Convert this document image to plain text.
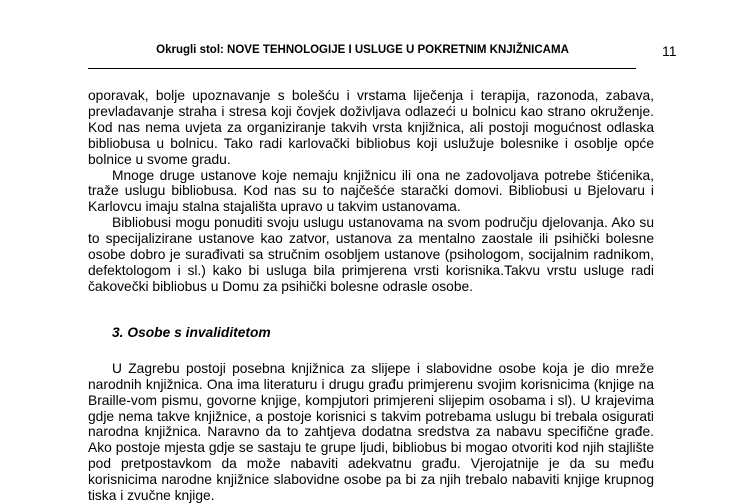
Okrugli stol: NOVE TEHNOLOGIJE I USLUGE U POKRETNIM KNJIŽNICAMA	11

oporavak, bolje upoznavanje s bolešću i vrstama liječenja i terapija, razonoda, zabava, prevladavanje straha i stresa koji čovjek doživljava odlazeći u bolnicu kao strano okruženje. Kod nas nema uvjeta za organiziranje takvih vrsta knjižnica, ali postoji mogućnost odlaska bibliobusa u bolnicu. Tako radi karlovački bibliobus koji uslužuje bolesnike i osoblje opće bolnice u svome gradu.

Mnoge druge ustanove koje nemaju knjižnicu ili ona ne zadovoljava potrebe štićenika, traže uslugu bibliobusa. Kod nas su to najčešće staračkі domovi. Bibliobusi u Bjelovaru i Karlovcu imaju stalna stajališta upravo u takvim ustanovama.

Bibliobusi mogu ponuditi svoju uslugu ustanovama na svom području djelovanja. Ako su to specijalizirane ustanove kao zatvor, ustanova za mentalno zaostale ili psihički bolesne osobe dobro je surađivati sa stručnim osobljem ustanove (psihologom, socijalnim radnikom, defektologom i sl.) kako bi usluga bila primjerena vrsti korisnika.Takvu vrstu usluge radi čakovečki bibliobus u Domu za psihički bolesne odrasle osobe.

3. Osobe s invaliditetom

U Zagrebu postoji posebna knjižnica za slijepe i slabovidne osobe koja je dio mreže narodnih knjižnica. Ona ima literaturu i drugu građu primjerenu svojim korisnicima (knjige na Braille-vom pismu, govorne knjige, kompjutori primjereni slijepim osobama i sl). U krajevima gdje nema takve knjižnice, a postoje korisnici s takvim potrebama uslugu bi trebala osigurati narodna knjižnica. Naravno da to zahtjeva dodatna sredstva za nabavu specifične građe. Ako postoje mjesta gdje se sastaju te grupe ljudi, bibliobus bi mogao otvoriti kod njih stajlište pod pretpostavkom da može nabaviti adekvatnu građu. Vjerojatnije je da su među korisnicima narodne knjižnice slabovidne osobe pa bi za njih trebalo nabaviti knjige krupnog tiska i zvučne knjige.
